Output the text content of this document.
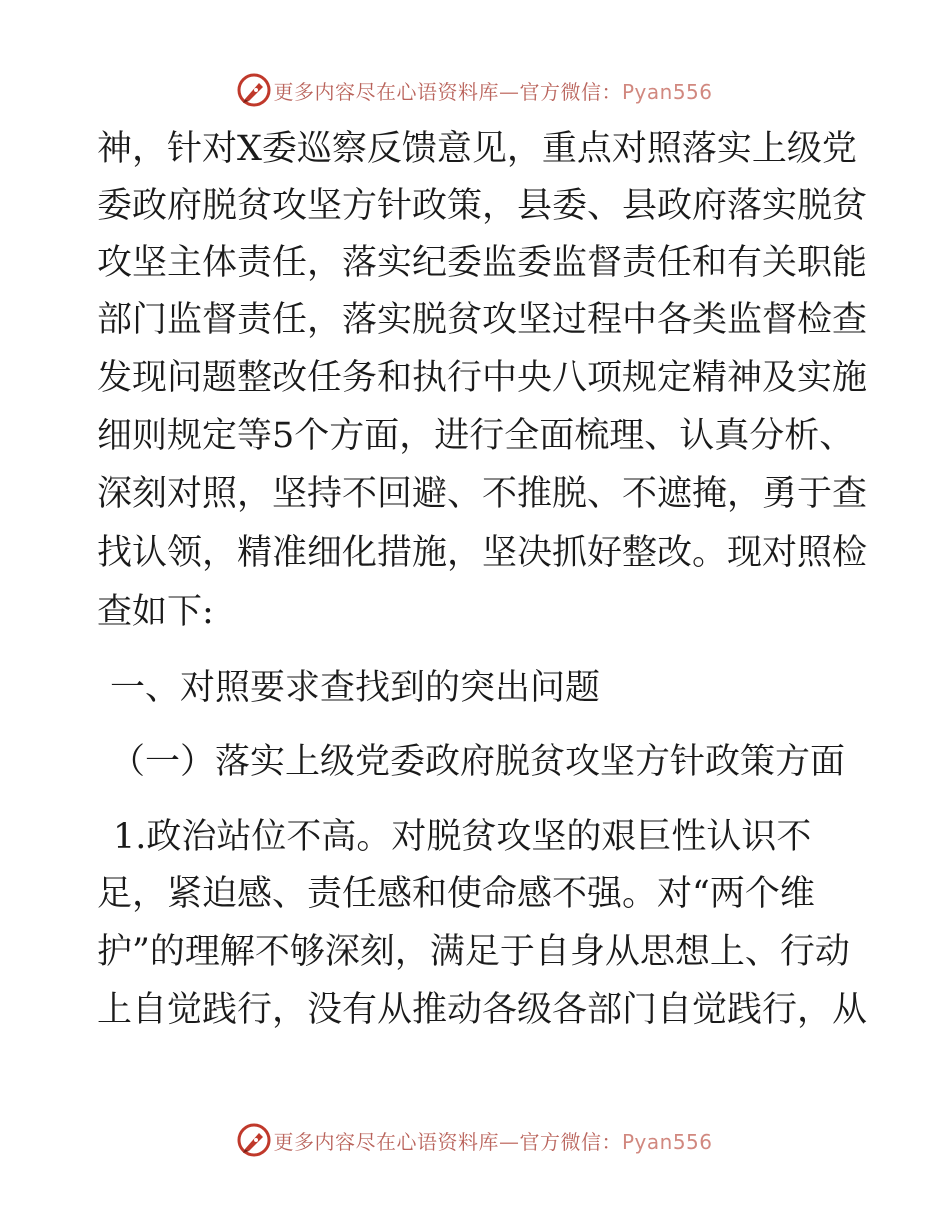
更多内容尽在心语资料库—官方微信：Pyan556
神，针对X委巡察反馈意见，重点对照落实上级党
委政府脱贫攻坚方针政策，县委、县政府落实脱贫
攻坚主体责任，落实纪委监委监督责任和有关职能
部门监督责任，落实脱贫攻坚过程中各类监督检查
发现问题整改任务和执行中央八项规定精神及实施
细则规定等5个方面，进行全面梳理、认真分析、
深刻对照，坚持不回避、不推脱、不遮掩，勇于查
找认领，精准细化措施，坚决抓好整改。现对照检
查如下:
一、对照要求查找到的突出问题
（一）落实上级党委政府脱贫攻坚方针政策方面
1.政治站位不高。对脱贫攻坚的艰巨性认识不
足，紧迫感、责任感和使命感不强。对“两个维
护”的理解不够深刻，满足于自身从思想上、行动
上自觉践行，没有从推动各级各部门自觉践行，从
更多内容尽在心语资料库—官方微信：Pyan556
